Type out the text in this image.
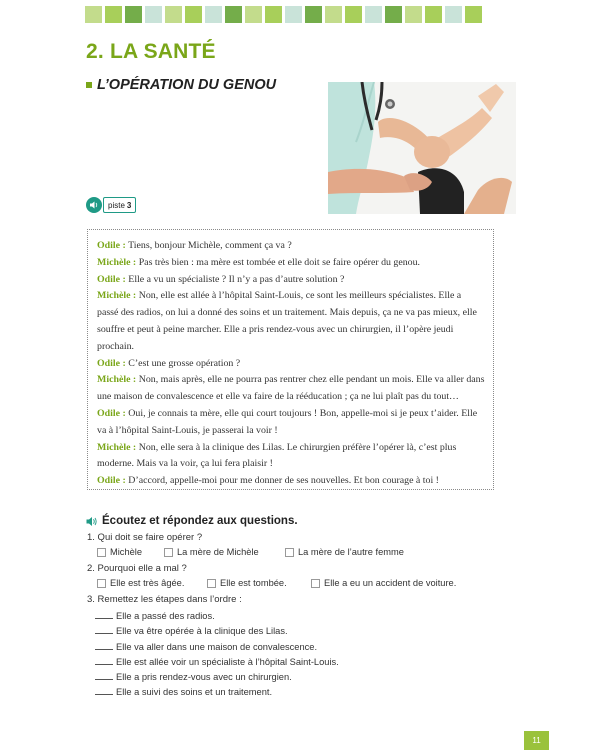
2. LA SANTÉ
L’OPÉRATION DU GENOU
piste 3

Odile : Tiens, bonjour Michèle, comment ça va ?

Michèle : Pas très bien : ma mère est tombée et elle doit se faire opérer du genou.

Odile : Elle a vu un spécialiste ? Il n’y a pas d’autre solution ?

Michèle : Non, elle est allée à l’hôpital Saint-Louis, ce sont les meilleurs spécialistes. Elle a passé des radios, on lui a donné des soins et un traitement. Mais depuis, ça ne va pas mieux, elle souffre et peut à peine marcher. Elle a pris rendez-vous avec un chirurgien, il l’opère jeudi prochain.

Odile : C’est une grosse opération ?

Michèle : Non, mais après, elle ne pourra pas rentrer chez elle pendant un mois. Elle va aller dans une maison de convalescence et elle va faire de la rééducation ; ça ne lui plaît pas du tout…

Odile : Oui, je connais ta mère, elle qui court toujours ! Bon, appelle-moi si je peux t’aider. Elle va à l’hôpital Saint-Louis, je passerai la voir !

Michèle : Non, elle sera à la clinique des Lilas. Le chirurgien préfère l’opérer là, c’est plus moderne. Mais va la voir, ça lui fera plaisir !

Odile : D’accord, appelle-moi pour me donner de ses nouvelles. Et bon courage à toi !

Écoutez et répondez aux questions.
1. Qui doit se faire opérer ?
Michèle	La mère de Michèle	La mère de l’autre femme
2. Pourquoi elle a mal ?
Elle est très âgée.	Elle est tombée.	Elle a eu un accident de voiture.
3. Remettez les étapes dans l’ordre :
Elle a passé des radios.
Elle va être opérée à la clinique des Lilas.
Elle va aller dans une maison de convalescence.
Elle est allée voir un spécialiste à l’hôpital Saint-Louis.
Elle a pris rendez-vous avec un chirurgien.
Elle a suivi des soins et un traitement.
11
